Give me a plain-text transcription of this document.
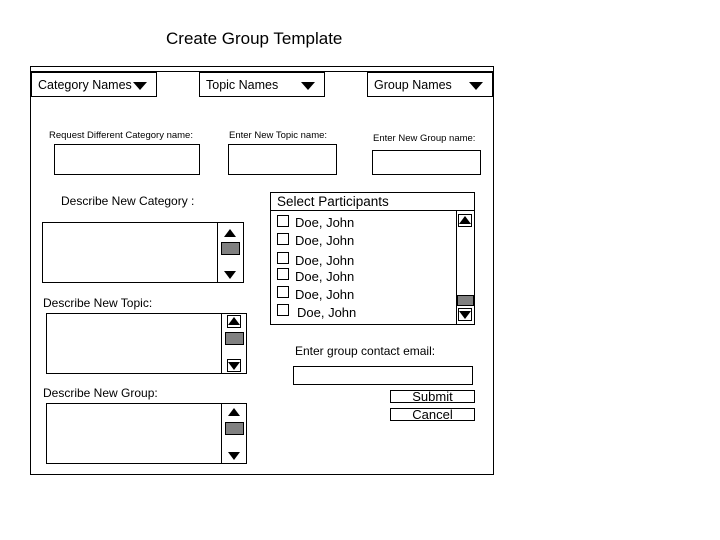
Create Group Template
Category Names	Topic Names	Group Names
Request Different Category name:	Enter New Topic name:	Enter New Group name:
Describe New Category :
Describe New Topic:
Describe New Group:
Select Participants
Doe, John
Doe, John
Doe, John
Doe, John
Doe, John
Doe, John
Enter group contact email:
Submit
Cancel
